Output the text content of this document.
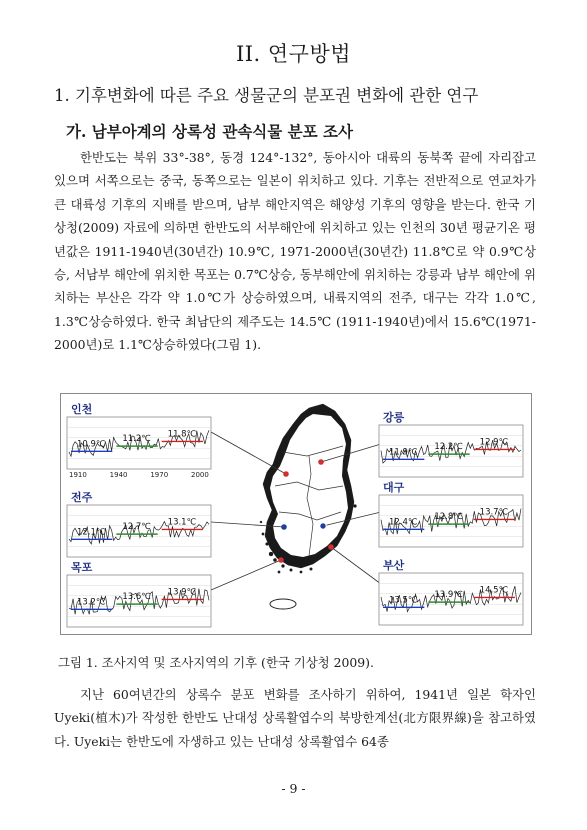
II. 연구방법
1. 기후변화에 따른 주요 생물군의 분포권 변화에 관한 연구
가. 남부아계의 상록성 관속식물 분포 조사

한반도는 북위 33°-38°, 동경 124°-132°, 동아시아 대륙의 동북쪽 끝에 자리잡고 있으며 서쪽으로는 중국, 동쪽으로는 일본이 위치하고 있다. 기후는 전반적으로 연교차가 큰 대륙성 기후의 지배를 받으며, 남부 해안지역은 해양성 기후의 영향을 받는다. 한국 기상청(2009) 자료에 의하면 한반도의 서부해안에 위치하고 있는 인천의 30년 평균기온 평년값은 1911-1940년(30년간) 10.9℃, 1971-2000년(30년간) 11.8℃로 약 0.9℃상승, 서남부 해안에 위치한 목포는 0.7℃상승, 동부해안에 위치하는 강릉과 남부 해안에 위치하는 부산은 각각 약 1.0℃가 상승하였으며, 내륙지역의 전주, 대구는 각각 1.0℃, 1.3℃상승하였다. 한국 최남단의 제주도는 14.5℃ (1911-1940년)에서 15.6℃(1971-2000년)로 1.1℃상승하였다(그림 1).

인천
10.9℃
11.2℃ 11.8℃
1910	1940	1970	2000
강릉
11.9℃
12.2℃ 12.9℃
전주
12.1℃
12.7℃ 13.1℃
대구
12.4℃
12.8℃ 13.7℃
목포
13.2℃
13.6℃ 13.9℃
부산
13.5℃
13.9℃ 14.5℃
그림 1. 조사지역 및 조사지역의 기후 (한국 기상청 2009).

지난 60여년간의 상록수 분포 변화를 조사하기 위하여, 1941년 일본 학자인 Uyeki(植木)가 작성한 한반도 난대성 상록활엽수의 북방한계선(北方限界線)을 참고하였다. Uyeki는 한반도에 자생하고 있는 난대성 상록활엽수 64종

- 9 -
